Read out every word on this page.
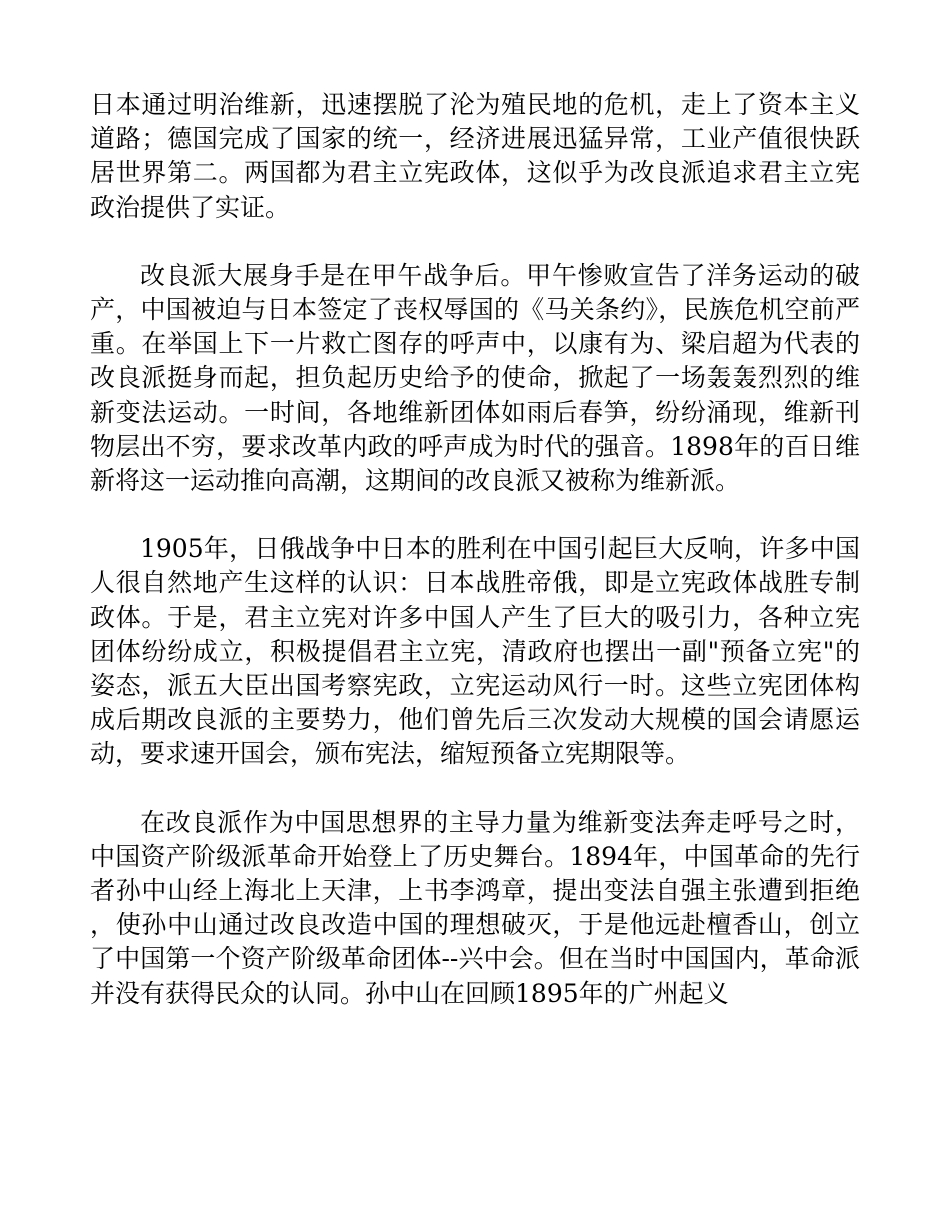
日本通过明治维新，迅速摆脱了沦为殖民地的危机，走上了资本主义道路；德国完成了国家的统一，经济进展迅猛异常，工业产值很快跃居世界第二。两国都为君主立宪政体，这似乎为改良派追求君主立宪政治提供了实证。

改良派大展身手是在甲午战争后。甲午惨败宣告了洋务运动的破产，中国被迫与日本签定了丧权辱国的《马关条约》，民族危机空前严重。在举国上下一片救亡图存的呼声中，以康有为、梁启超为代表的改良派挺身而起，担负起历史给予的使命，掀起了一场轰轰烈烈的维新变法运动。一时间，各地维新团体如雨后春笋，纷纷涌现，维新刊物层出不穷，要求改革内政的呼声成为时代的强音。1898年的百日维新将这一运动推向高潮，这期间的改良派又被称为维新派。

1905年，日俄战争中日本的胜利在中国引起巨大反响，许多中国人很自然地产生这样的认识：日本战胜帝俄，即是立宪政体战胜专制政体。于是，君主立宪对许多中国人产生了巨大的吸引力，各种立宪团体纷纷成立，积极提倡君主立宪，清政府也摆出一副"预备立宪"的姿态，派五大臣出国考察宪政，立宪运动风行一时。这些立宪团体构成后期改良派的主要势力，他们曾先后三次发动大规模的国会请愿运动，要求速开国会，颁布宪法，缩短预备立宪期限等。

在改良派作为中国思想界的主导力量为维新变法奔走呼号之时，中国资产阶级派革命开始登上了历史舞台。1894年，中国革命的先行者孙中山经上海北上天津，上书李鸿章，提出变法自强主张遭到拒绝，使孙中山通过改良改造中国的理想破灭，于是他远赴檀香山，创立了中国第一个资产阶级革命团体--兴中会。但在当时中国国内，革命派并没有获得民众的认同。孙中山在回顾1895年的广州起义
